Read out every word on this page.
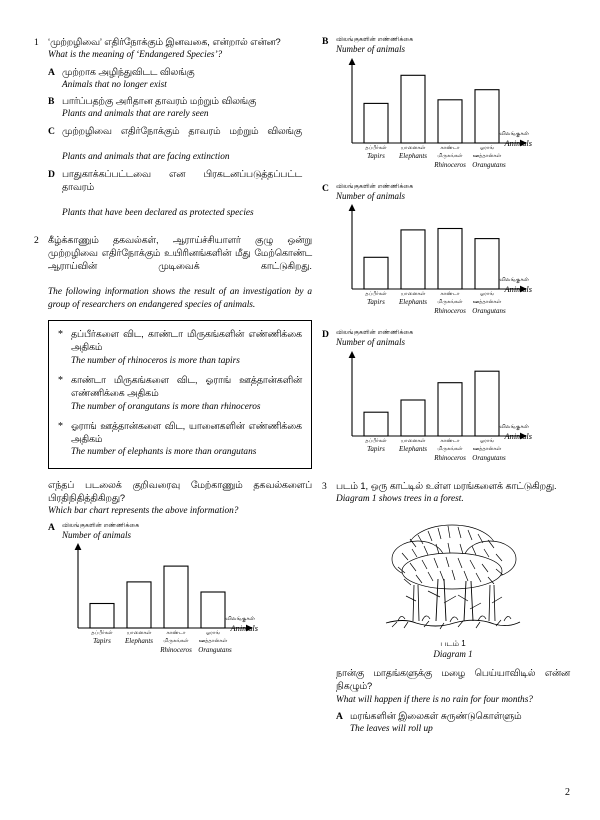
1 ‘முற்றழிவை’ எதிர்நோக்கும் இனவகை, என்றால் என்ன?
What is the meaning of ‘Endangered Species’?
A முற்றாக அழிந்துவிடட விலங்கு
Animals that no longer exist
B பார்ப்பதற்கு அரிதான தாவரம் மற்றும் விலங்கு
Plants and animals that are rarely seen
C முற்றழிவை எதிர்நோக்கும் தாவரம் மற்றும் விலங்கு
Plants and animals that are facing extinction
D பாதுகாக்கப்பட்டவை என பிரகடனப்படுத்தப்பட்ட தாவரம்
Plants that have been declared as protected species
2 கீழ்க்காணும் தகவல்கள், ஆராய்ச்சியாளர் குழு ஒன்று முற்றழிவை எதிர்நோக்கும் உயிரினங்களின் மீது மேற்கொண்ட ஆராய்வின் முடிவைக் காட்டுகிறது.
The following information shows the result of an investigation by a group of researchers on endangered species of animals.
* தப்பீர்களை விட, காண்டா மிருகங்களின் எண்ணிக்கை அதிகம்
The number of rhinoceros is more than tapirs
* காண்டா மிருகங்களை விட, ஓராங் ஊத்தான்களின் எண்ணிக்கை அதிகம்
The number of orangutans is more than rhinoceros
* ஓராங் ஊத்தான்களை விட, யானைகளின் எண்ணிக்கை அதிகம்
The number of elephants is more than orangutans
எந்தப் படலைக் குறிவரைவு மேற்காணும் தகவல்களைப் பிரதிநிதித்திகிறது?
Which bar chart represents the above information?
A	விலங்குகளின் எண்ணிக்கை
Number of animals
விலங்குகள்
Animals
தப்பீர்கள்	யானைகள்	காண்டா	ஓராங்
மிருகங்கள் ஊத்தான்கள்
Tapirs Elephants
Rhinoceros Orangutans
B	விலங்குகளின் எண்ணிக்கை
Number of animals
விலங்குகள்
Animals
தப்பீர்கள்	யானைகள்	காண்டா	ஓராங்
மிருகங்கள் ஊத்தான்கள்
Tapirs Elephants
Rhinoceros Orangutans
C	விலங்குகளின் எண்ணிக்கை
Number of animals
விலங்குகள்
Animals
தப்பீர்கள்	யானைகள்	காண்டா	ஓராங்
மிருகங்கள் ஊத்தான்கள்
Tapirs Elephants
Rhinoceros Orangutans
D	விலங்குகளின் எண்ணிக்கை
Number of animals
விலங்குகள்
Animals
தப்பீர்கள்	யானைகள்	காண்டா	ஓராங்
மிருகங்கள் ஊத்தான்கள்
Tapirs Elephants
Rhinoceros Orangutans
3 படம் 1, ஒரு காட்டில் உள்ள மரங்களைக் காட்டுகிறது.
Diagram 1 shows trees in a forest.
படம் 1
Diagram 1
நான்கு மாதங்களுக்கு மழை பெய்யாவிடில் என்ன நிகழும்?
What will happen if there is no rain for four months?
A மரங்களின் இலைகள் சுருண்டுகொள்ளும்
The leaves will roll up
2
